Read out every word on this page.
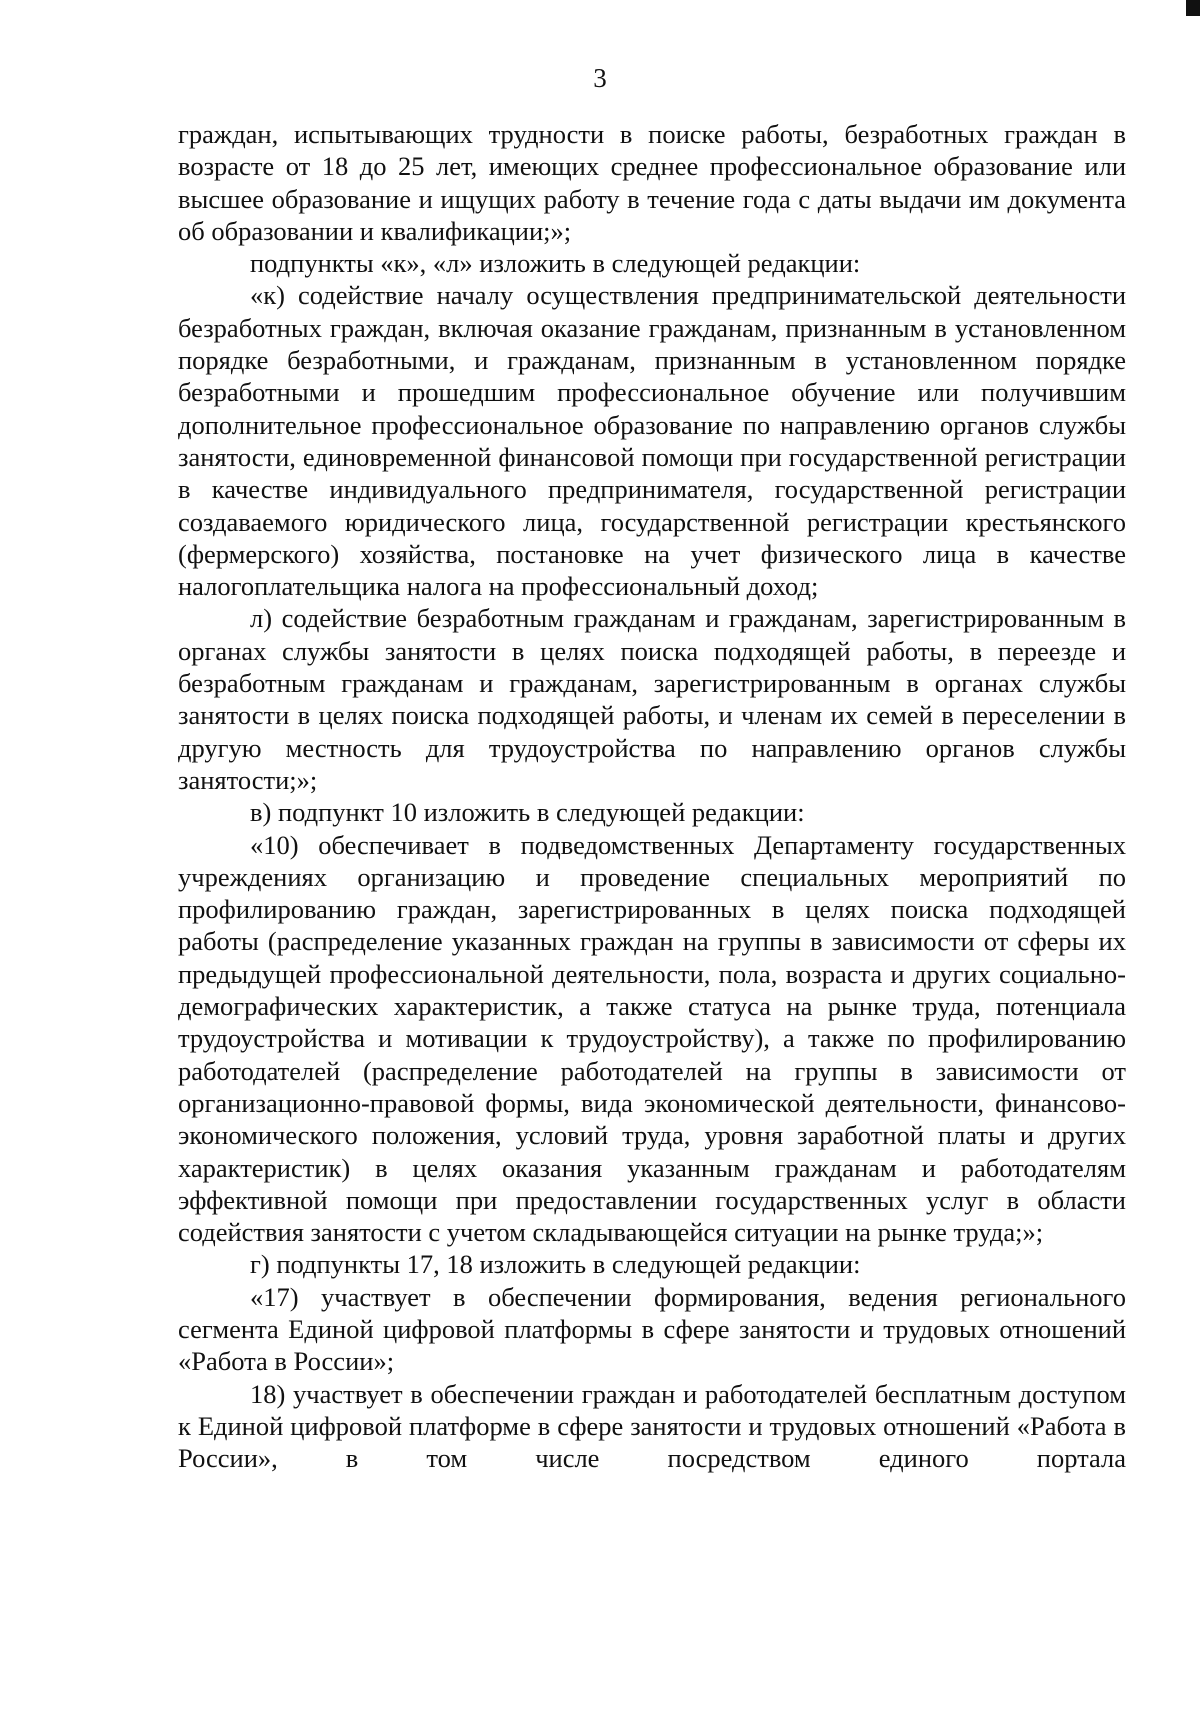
3

граждан, испытывающих трудности в поиске работы, безработных граждан в возрасте от 18 до 25 лет, имеющих среднее профессиональное образование или высшее образование и ищущих работу в течение года с даты выдачи им документа об образовании и квалификации;»;

подпункты «к», «л» изложить в следующей редакции:

«к) содействие началу осуществления предпринимательской деятельности безработных граждан, включая оказание гражданам, признанным в установленном порядке безработными, и гражданам, признанным в установленном порядке безработными и прошедшим профессиональное обучение или получившим дополнительное профессиональное образование по направлению органов службы занятости, единовременной финансовой помощи при государственной регистрации в качестве индивидуального предпринимателя, государственной регистрации создаваемого юридического лица, государственной регистрации крестьянского (фермерского) хозяйства, постановке на учет физического лица в качестве налогоплательщика налога на профессиональный доход;

л) содействие безработным гражданам и гражданам, зарегистрированным в органах службы занятости в целях поиска подходящей работы, в переезде и безработным гражданам и гражданам, зарегистрированным в органах службы занятости в целях поиска подходящей работы, и членам их семей в переселении в другую местность для трудоустройства по направлению органов службы занятости;»;

в) подпункт 10 изложить в следующей редакции:

«10) обеспечивает в подведомственных Департаменту государственных учреждениях организацию и проведение специальных мероприятий по профилированию граждан, зарегистрированных в целях поиска подходящей работы (распределение указанных граждан на группы в зависимости от сферы их предыдущей профессиональной деятельности, пола, возраста и других социально-демографических характеристик, а также статуса на рынке труда, потенциала трудоустройства и мотивации к трудоустройству), а также по профилированию работодателей (распределение работодателей на группы в зависимости от организационно-правовой формы, вида экономической деятельности, финансово-экономического положения, условий труда, уровня заработной платы и других характеристик) в целях оказания указанным гражданам и работодателям эффективной помощи при предоставлении государственных услуг в области содействия занятости с учетом складывающейся ситуации на рынке труда;»;

г) подпункты 17, 18 изложить в следующей редакции:

«17) участвует в обеспечении формирования, ведения регионального сегмента Единой цифровой платформы в сфере занятости и трудовых отношений «Работа в России»;

18) участвует в обеспечении граждан и работодателей бесплатным доступом к Единой цифровой платформе в сфере занятости и трудовых отношений «Работа в России», в том числе посредством единого портала
